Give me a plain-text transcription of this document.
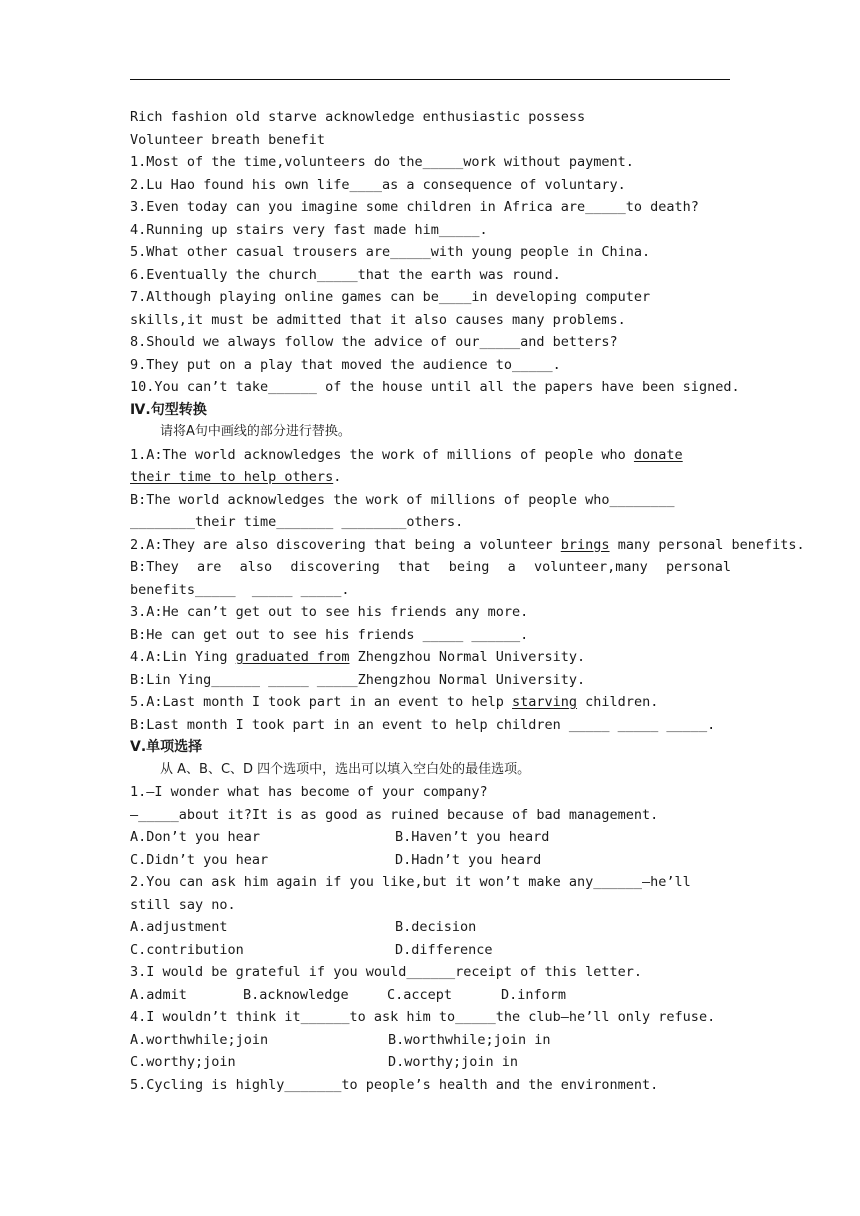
Rich fashion old starve acknowledge enthusiastic possess
Volunteer breath benefit
1.Most of the time,volunteers do the_____work without payment.
2.Lu Hao found his own life____as a consequence of voluntary.
3.Even today can you imagine some children in Africa are_____to death?
4.Running up stairs very fast made him_____.
5.What other casual trousers are_____with young people in China.
6.Eventually the church_____that the earth was round.
7.Although playing online games can be____in developing computer skills,it must be admitted that it also causes many problems.
8.Should we always follow the advice of our_____and betters?
9.They put on a play that moved the audience to_____.
10.You can’t take______ of the house until all the papers have been signed.
Ⅳ.句型转换
请将A句中画线的部分进行替换。
1.A:The world acknowledges the work of millions of people who donate their time to help others.
B:The world acknowledges the work of millions of people who________ ________their time_______ ________others.
2.A:They are also discovering that being a volunteer brings many personal benefits.
B:They are also discovering that being a volunteer,many personal
benefits_____  _____ _____.
3.A:He can’t get out to see his friends any more.
B:He can get out to see his friends _____ ______.
4.A:Lin Ying graduated from Zhengzhou Normal University.
B:Lin Ying______ _____ _____Zhengzhou Normal University.
5.A:Last month I took part in an event to help starving children.
B:Last month I took part in an event to help children _____ _____ _____.
Ⅴ.单项选择
从 A、B、C、D 四个选项中，选出可以填入空白处的最佳选项。
1.—I wonder what has become of your company?
—_____about it?It is as good as ruined because of bad management.
A.Don’t you hear	B.Haven’t you heard
C.Didn’t you hear	D.Hadn’t you heard
2.You can ask him again if you like,but it won’t make any______—he’ll still say no.
A.adjustment	B.decision
C.contribution	D.difference
3.I would be grateful if you would______receipt of this letter.
A.admit	B.acknowledge	C.accept	D.inform
4.I wouldn’t think it______to ask him to_____the club—he’ll only refuse.
A.worthwhile;join	B.worthwhile;join in
C.worthy;join	D.worthy;join in
5.Cycling is highly_______to people’s health and the environment.
